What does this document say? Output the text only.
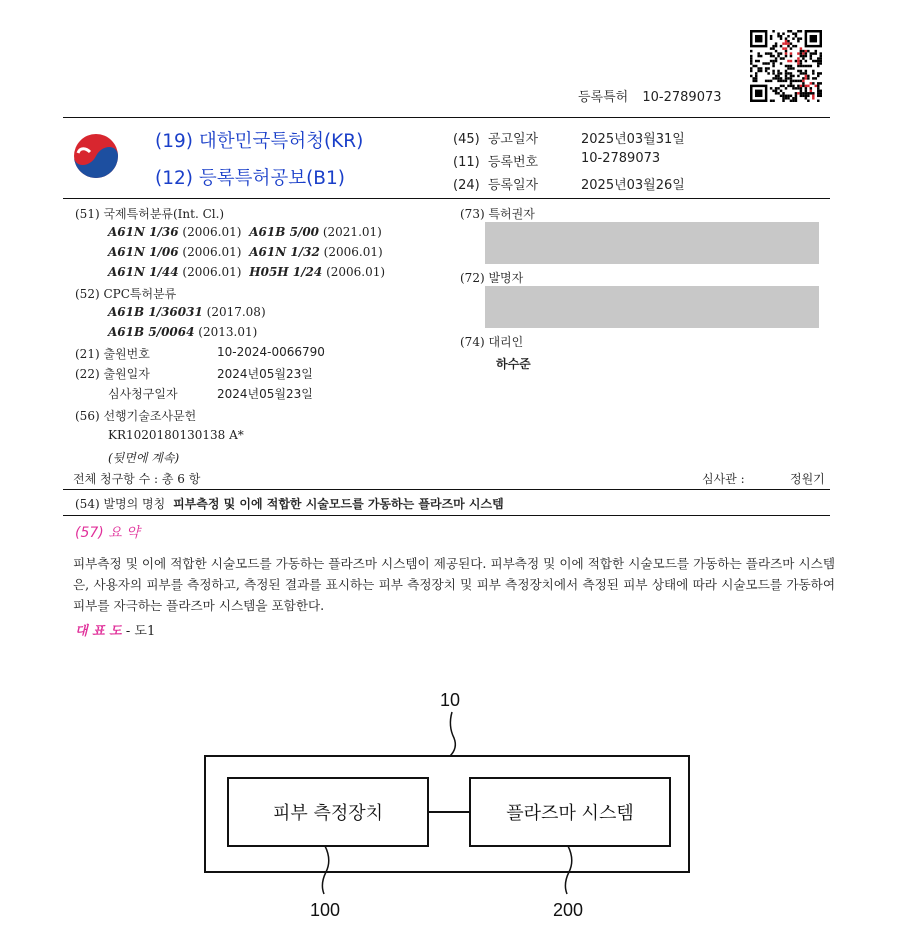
등록특허 10-2789073
(19) 대한민국특허청(KR)
(12) 등록특허공보(B1)
(45) 공고일자	2025년03월31일
(11) 등록번호	10-2789073
(24) 등록일자	2025년03월26일
(51) 국제특허분류(Int. Cl.)
A61N 1/36 (2006.01) A61B 5/00 (2021.01)
A61N 1/06 (2006.01) A61N 1/32 (2006.01)
A61N 1/44 (2006.01) H05H 1/24 (2006.01)
(52) CPC특허분류
A61B 1/36031 (2017.08)
A61B 5/0064 (2013.01)
(21) 출원번호	10-2024-0066790
(22) 출원일자	2024년05월23일
심사청구일자	2024년05월23일
(56) 선행기술조사문헌
KR1020180130138 A*
(뒷면에 계속)
(73) 특허권자
(72) 발명자
(74) 대리인
하수준
전체 청구항 수 : 총 6 항	심사관 :	정원기
(54) 발명의 명칭 피부측정 및 이에 적합한 시술모드를 가동하는 플라즈마 시스템
(57) 요 약
피부측정 및 이에 적합한 시술모드를 가동하는 플라즈마 시스템이 제공된다. 피부측정 및 이에 적합한 시술모드를 가동하는 플라즈마 시스템은, 사용자의 피부를 측정하고, 측정된 결과를 표시하는 피부 측정장치 및 피부 측정장치에서 측정된 피부 상태에 따라 시술모드를 가동하여 피부를 자극하는 플라즈마 시스템을 포함한다.
대 표 도 - 도1
10
피부 측정장치	플라즈마 시스템
100	200
